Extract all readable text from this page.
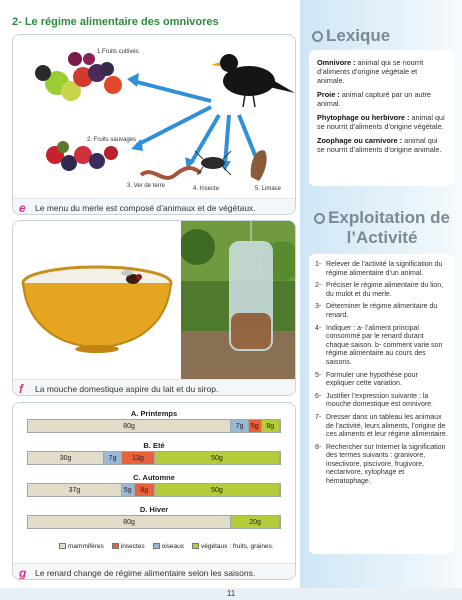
2- Le régime alimentaire des omnivores
1.Fruits cultivés
2. Fruits sauvages
3. Ver de terre	4. Insecte	5. Limace
e Le menu du merle est composé d’animaux et de végétaux.
f La mouche domestique aspire du lait et du sirop.
A. Printemps
80g	7g	5g	8g
B. Eté
30g	7g	13g	50g
C. Automne
37g	5g	8g	50g
D. Hiver
80g	20g
mammifères	insectes	oiseaux	végétaux : fruits, graines.
g Le renard change de régime alimentaire selon les saisons.
Lexique

Omnivore : animal qui se nourrit d’aliments d’origine végétale et animale.

Proie : animal capturé par un autre animal.

Phytophage ou herbivore : animal qui se nourrit d’aliments d’origine végétale.

Zoophage ou carnivore : animal qui se nourrit d’aliments d’origine animale.

Exploitation de l’Activité
1- Relever de l’activité la signification du régime alimentaire d’un animal.
2- Préciser le régime alimentaire du lion, du mulot et du merle.
3- Déterminer le régime alimentaire du renard.
4- Indiquer : a- l’aliment principal consommé par le renard durant chaque saison. b- comment varie son régime alimentaire au cours des saisons.
5- Formuler une hypothèse pour expliquer cette variation.
6- Justifier l’expression suivante : la mouche domestique est omnivore.
7- Dresser dans un tableau les animaux de l’activité, leurs aliments, l’origine de ces aliments et leur régime alimentaire.
8- Rechercher sur Internet la signification des termes suivants : granivore, insectivore, piscivore, frugivore, nectarivore, xylophage et hématophage.
11
